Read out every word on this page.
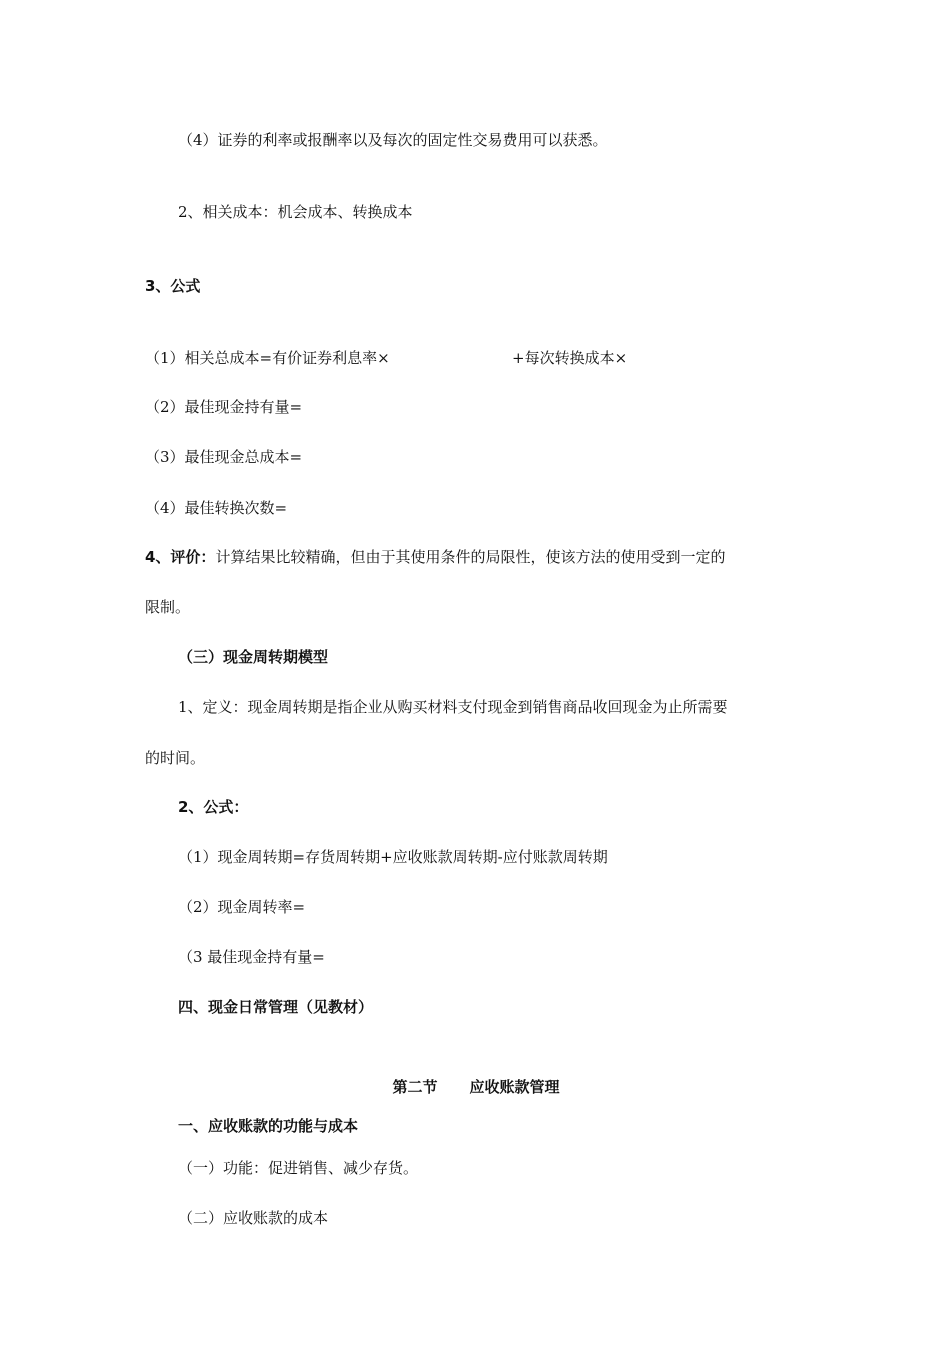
（4）证券的利率或报酬率以及每次的固定性交易费用可以获悉。
2、相关成本：机会成本、转换成本
3、公式
（1）相关总成本=有价证券利息率×	+每次转换成本×
（2）最佳现金持有量=
（3）最佳现金总成本=
（4）最佳转换次数=
4、评价：计算结果比较精确，但由于其使用条件的局限性，使该方法的使用受到一定的
限制。
（三）现金周转期模型
1、定义：现金周转期是指企业从购买材料支付现金到销售商品收回现金为止所需要
的时间。
2、公式：
（1）现金周转期=存货周转期+应收账款周转期-应付账款周转期
（2）现金周转率=
（3 最佳现金持有量=
四、现金日常管理（见教材）
第二节 应收账款管理
一、应收账款的功能与成本
（一）功能：促进销售、减少存货。
（二）应收账款的成本
